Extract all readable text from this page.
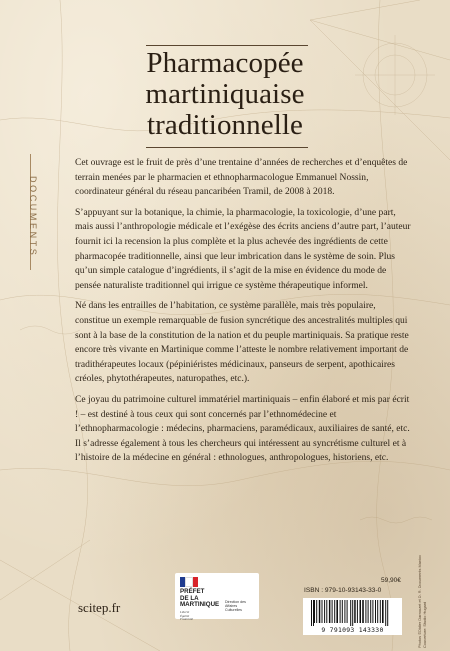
Pharmacopée
martiniquaise
traditionnelle
DOCUMENTS

Cet ouvrage est le fruit de près d’une trentaine d’années de recherches et d’enquêtes de terrain menées par le pharmacien et ethnopharmacologue Emmanuel Nossin, coordinateur général du réseau pancaribéen Tramil, de 2008 à 2018.

S’appuyant sur la botanique, la chimie, la pharmacologie, la toxicologie, d’une part, mais aussi l’anthropologie médicale et l’exégèse des écrits anciens d’autre part, l’auteur fournit ici la recension la plus complète et la plus achevée des ingrédients de cette pharmacopée traditionnelle, ainsi que leur imbrication dans le système de soin. Plus qu’un simple catalogue d’ingrédients, il s’agit de la mise en évidence du mode de pensée naturaliste traditionnel qui irrigue ce système thérapeutique informel.

Né dans les entrailles de l’habitation, ce système parallèle, mais très populaire, constitue un exemple remarquable de fusion syncrétique des ancestralités multiples qui sont à la base de la constitution de la nation et du peuple martiniquais. Sa pratique reste encore très vivante en Martinique comme l’atteste le nombre relativement important de tradithérapeutes locaux (pépiniéristes médicinaux, panseurs de serpent, apothicaires créoles, phytothérapeutes, naturopathes, etc.).

Ce joyau du patrimoine culturel immatériel martiniquais – enfin élaboré et mis par écrit ! – est destiné à tous ceux qui sont concernés par l’ethnomédecine et l’ethnopharmacologie : médecins, pharmaciens, paramédicaux, auxiliaires de santé, etc. Il s’adresse également à tous les chercheurs qui intéressent au syncrétisme culturel et à l’histoire de la médecine en général : ethnologues, anthropologues, historiens, etc.

PRÉFET
DE LA
MARTINIQUE
Liberté
Égalité
Fraternité
Direction des
Affaires
Culturelles
59,90€
ISBN : 979-10-93143-33-0
9 791093 143330
scitep.fr	Photos ©Didier Darrouzet et D. R. Documents Manioc Couverture: Studio Hugard
